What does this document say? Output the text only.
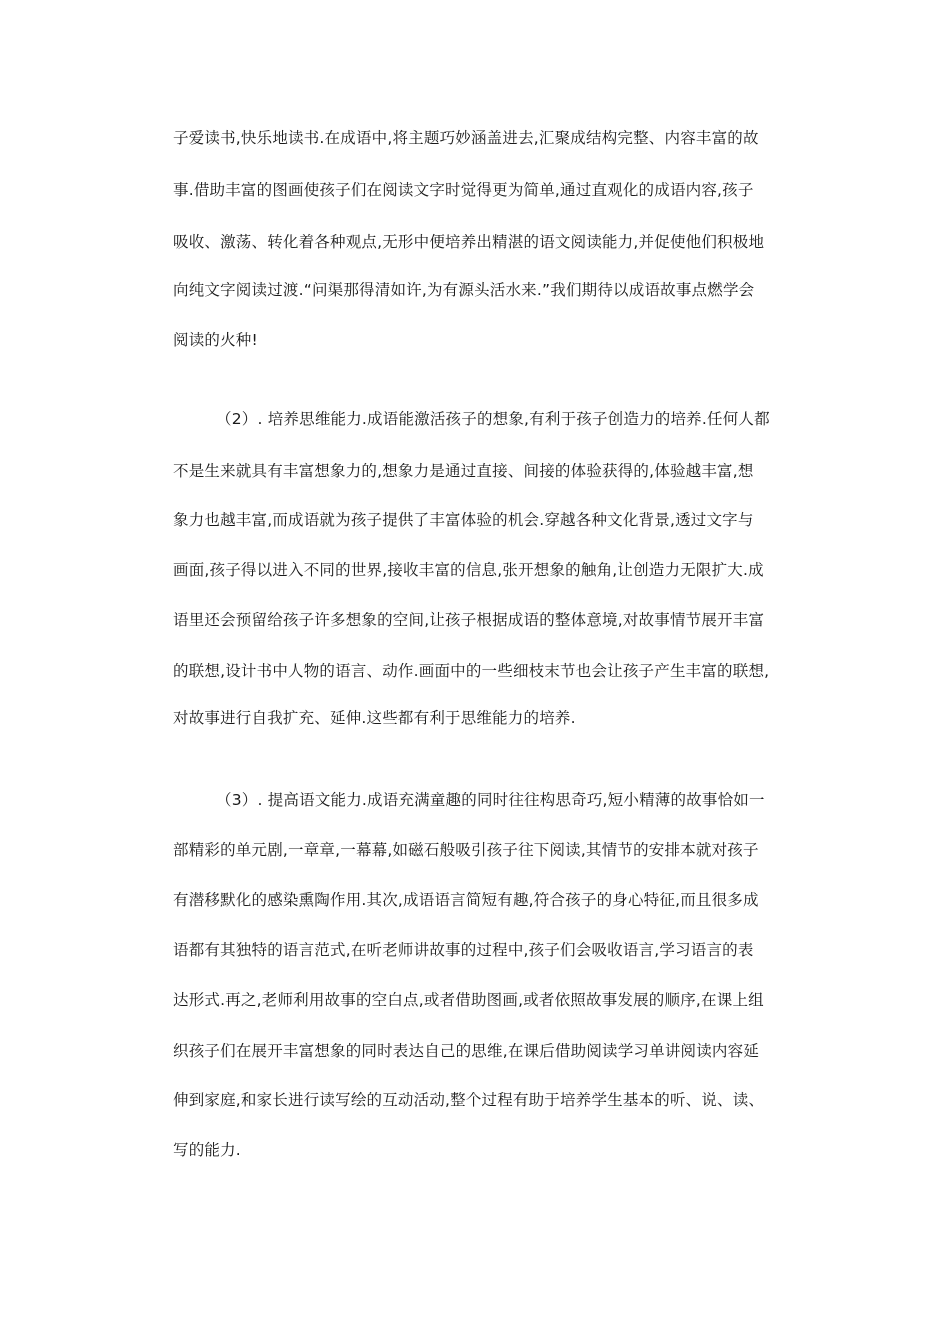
子爱读书,快乐地读书.在成语中,将主题巧妙涵盖进去,汇聚成结构完整、内容丰富的故
事.借助丰富的图画使孩子们在阅读文字时觉得更为简单,通过直观化的成语内容,孩子
吸收、激荡、转化着各种观点,无形中便培养出精湛的语文阅读能力,并促使他们积极地
向纯文字阅读过渡.“问渠那得清如许,为有源头活水来.”我们期待以成语故事点燃学会
阅读的火种!
（2）. 培养思维能力.成语能激活孩子的想象,有利于孩子创造力的培养.任何人都
不是生来就具有丰富想象力的,想象力是通过直接、间接的体验获得的,体验越丰富,想
象力也越丰富,而成语就为孩子提供了丰富体验的机会.穿越各种文化背景,透过文字与
画面,孩子得以进入不同的世界,接收丰富的信息,张开想象的触角,让创造力无限扩大.成
语里还会预留给孩子许多想象的空间,让孩子根据成语的整体意境,对故事情节展开丰富
的联想,设计书中人物的语言、动作.画面中的一些细枝末节也会让孩子产生丰富的联想,
对故事进行自我扩充、延伸.这些都有利于思维能力的培养.
（3）. 提高语文能力.成语充满童趣的同时往往构思奇巧,短小精薄的故事恰如一
部精彩的单元剧,一章章,一幕幕,如磁石般吸引孩子往下阅读,其情节的安排本就对孩子
有潜移默化的感染熏陶作用.其次,成语语言简短有趣,符合孩子的身心特征,而且很多成
语都有其独特的语言范式,在听老师讲故事的过程中,孩子们会吸收语言,学习语言的表
达形式.再之,老师利用故事的空白点,或者借助图画,或者依照故事发展的顺序,在课上组
织孩子们在展开丰富想象的同时表达自己的思维,在课后借助阅读学习单讲阅读内容延
伸到家庭,和家长进行读写绘的互动活动,整个过程有助于培养学生基本的听、说、读、
写的能力.
